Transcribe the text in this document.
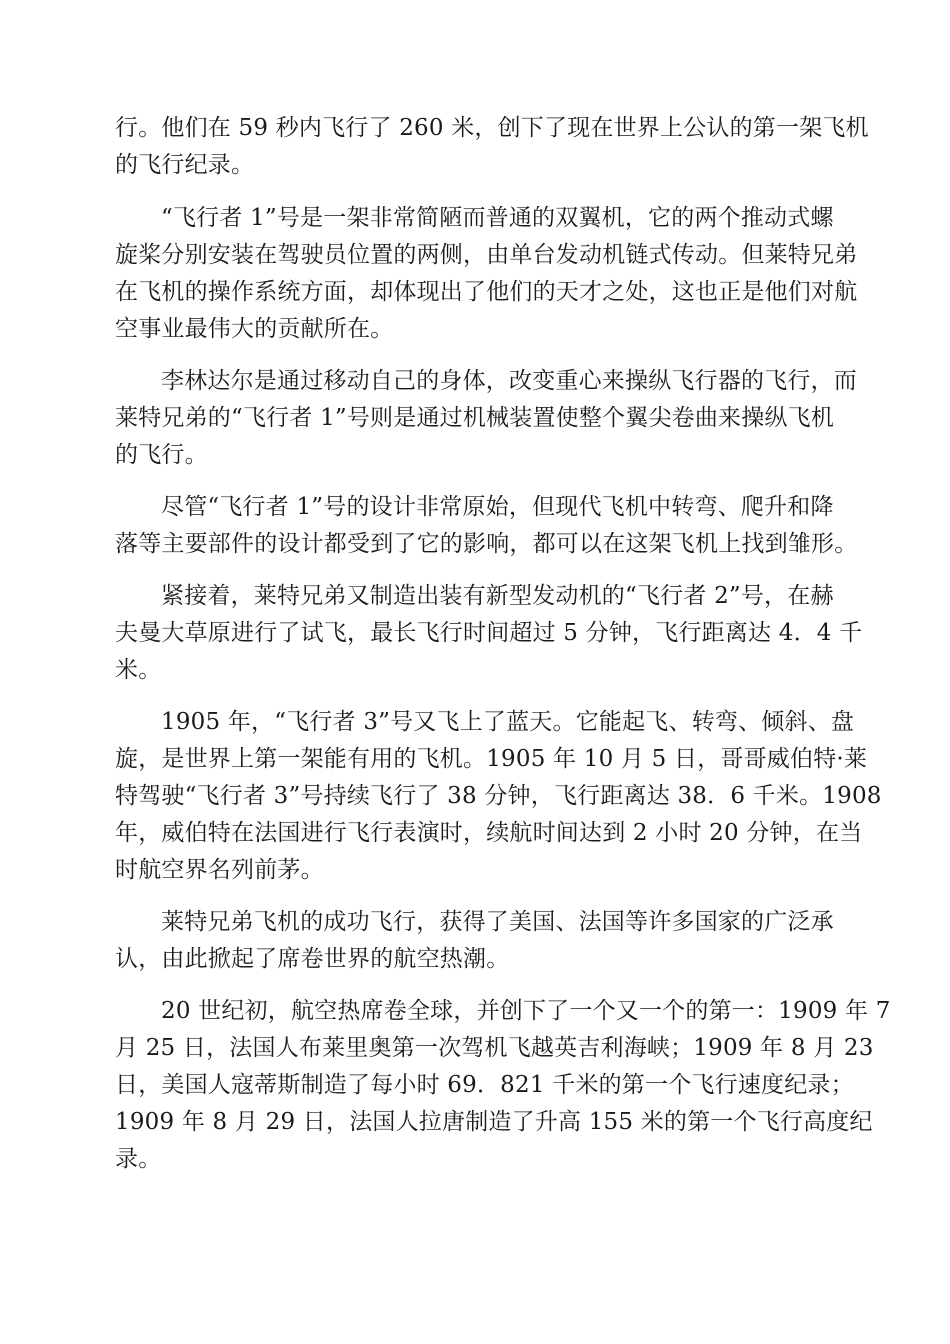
行。他们在 59 秒内飞行了 260 米，创下了现在世界上公认的第一架飞机
的飞行纪录。

“飞行者 1”号是一架非常简陋而普通的双翼机，它的两个推动式螺
旋桨分别安装在驾驶员位置的两侧，由单台发动机链式传动。但莱特兄弟
在飞机的操作系统方面，却体现出了他们的天才之处，这也正是他们对航
空事业最伟大的贡献所在。

李林达尔是通过移动自己的身体，改变重心来操纵飞行器的飞行，而
莱特兄弟的“飞行者 1”号则是通过机械装置使整个翼尖卷曲来操纵飞机
的飞行。

尽管“飞行者 1”号的设计非常原始，但现代飞机中转弯、爬升和降
落等主要部件的设计都受到了它的影响，都可以在这架飞机上找到雏形。

紧接着，莱特兄弟又制造出装有新型发动机的“飞行者 2”号，在赫
夫曼大草原进行了试飞，最长飞行时间超过 5 分钟，飞行距离达 4．4 千
米。

1905 年，“飞行者 3”号又飞上了蓝天。它能起飞、转弯、倾斜、盘
旋，是世界上第一架能有用的飞机。1905 年 10 月 5 日，哥哥威伯特·莱
特驾驶“飞行者 3”号持续飞行了 38 分钟，飞行距离达 38．6 千米。1908
年，威伯特在法国进行飞行表演时，续航时间达到 2 小时 20 分钟，在当
时航空界名列前茅。

莱特兄弟飞机的成功飞行，获得了美国、法国等许多国家的广泛承
认，由此掀起了席卷世界的航空热潮。

20 世纪初，航空热席卷全球，并创下了一个又一个的第一：1909 年 7
月 25 日，法国人布莱里奥第一次驾机飞越英吉利海峡；1909 年 8 月 23
日，美国人寇蒂斯制造了每小时 69．821 千米的第一个飞行速度纪录；
1909 年 8 月 29 日，法国人拉唐制造了升高 155 米的第一个飞行高度纪
录。
